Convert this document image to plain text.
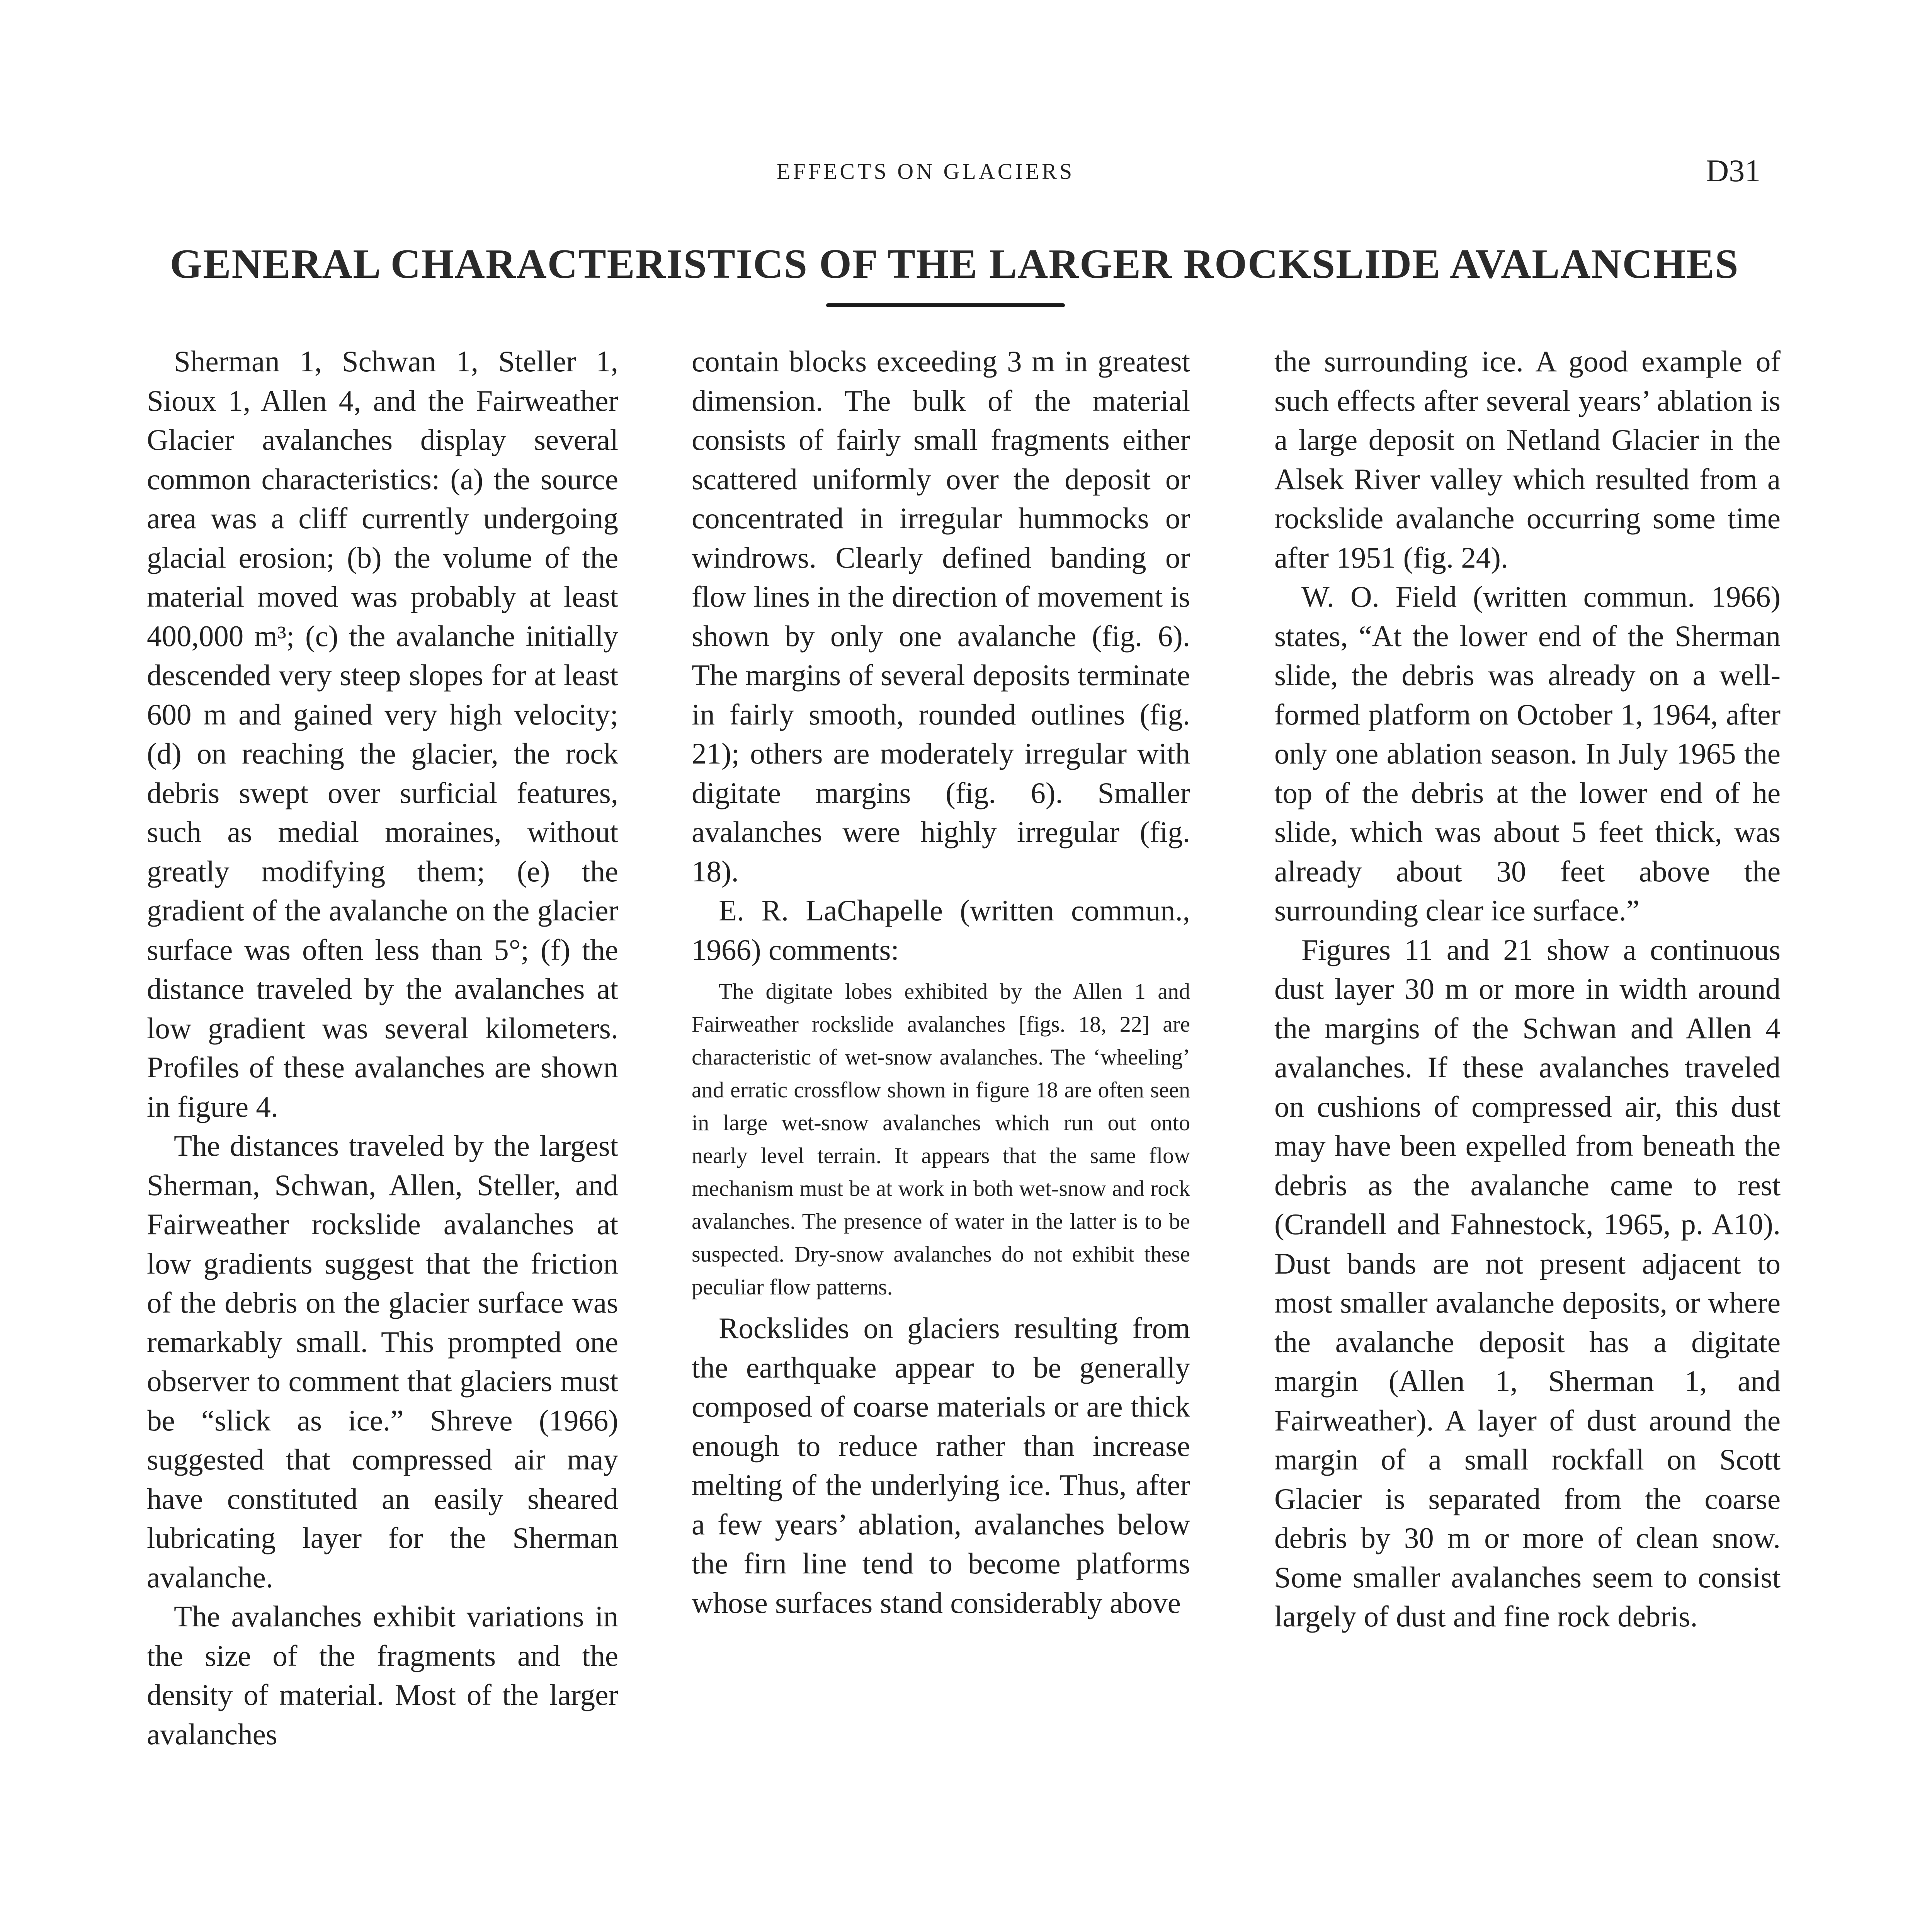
EFFECTS ON GLACIERS	D31
GENERAL CHARACTERISTICS OF THE LARGER ROCKSLIDE AVALANCHES

Sherman 1, Schwan 1, Steller 1, Sioux 1, Allen 4, and the Fairweather Glacier avalanches display several common characteristics: (a) the source area was a cliff currently undergoing glacial erosion; (b) the volume of the material moved was probably at least 400,000 m³; (c) the avalanche initially descended very steep slopes for at least 600 m and gained very high velocity; (d) on reaching the glacier, the rock debris swept over surficial features, such as medial moraines, without greatly modifying them; (e) the gradient of the avalanche on the glacier surface was often less than 5°; (f) the distance traveled by the avalanches at low gradient was several kilometers. Profiles of these avalanches are shown in figure 4.

The distances traveled by the largest Sherman, Schwan, Allen, Steller, and Fairweather rockslide avalanches at low gradients suggest that the friction of the debris on the glacier surface was remarkably small. This prompted one observer to comment that glaciers must be “slick as ice.” Shreve (1966) suggested that compressed air may have constituted an easily sheared lubricating layer for the Sherman avalanche.

The avalanches exhibit variations in the size of the fragments and the density of material. Most of the larger avalanches

contain blocks exceeding 3 m in greatest dimension. The bulk of the material consists of fairly small fragments either scattered uniformly over the deposit or concentrated in irregular hummocks or windrows. Clearly defined banding or flow lines in the direction of movement is shown by only one avalanche (fig. 6). The margins of several deposits terminate in fairly smooth, rounded outlines (fig. 21); others are moderately irregular with digitate margins (fig. 6). Smaller avalanches were highly irregular (fig. 18).

E. R. LaChapelle (written commun., 1966) comments:

The digitate lobes exhibited by the Allen 1 and Fairweather rockslide avalanches [figs. 18, 22] are characteristic of wet-snow avalanches. The ‘wheeling’ and erratic crossflow shown in figure 18 are often seen in large wet-snow avalanches which run out onto nearly level terrain. It appears that the same flow mechanism must be at work in both wet-snow and rock avalanches. The presence of water in the latter is to be suspected. Dry-snow avalanches do not exhibit these peculiar flow patterns.

Rockslides on glaciers resulting from the earthquake appear to be generally composed of coarse materials or are thick enough to reduce rather than increase melting of the underlying ice. Thus, after a few years’ ablation, avalanches below the firn line tend to become platforms whose surfaces stand considerably above

the surrounding ice. A good example of such effects after several years’ ablation is a large deposit on Netland Glacier in the Alsek River valley which resulted from a rockslide avalanche occurring some time after 1951 (fig. 24).

W. O. Field (written commun. 1966) states, “At the lower end of the Sherman slide, the debris was already on a well-formed platform on October 1, 1964, after only one ablation season. In July 1965 the top of the debris at the lower end of he slide, which was about 5 feet thick, was already about 30 feet above the surrounding clear ice surface.”

Figures 11 and 21 show a continuous dust layer 30 m or more in width around the margins of the Schwan and Allen 4 avalanches. If these avalanches traveled on cushions of compressed air, this dust may have been expelled from beneath the debris as the avalanche came to rest (Crandell and Fahnestock, 1965, p. A10). Dust bands are not present adjacent to most smaller avalanche deposits, or where the avalanche deposit has a digitate margin (Allen 1, Sherman 1, and Fairweather). A layer of dust around the margin of a small rockfall on Scott Glacier is separated from the coarse debris by 30 m or more of clean snow. Some smaller avalanches seem to consist largely of dust and fine rock debris.
